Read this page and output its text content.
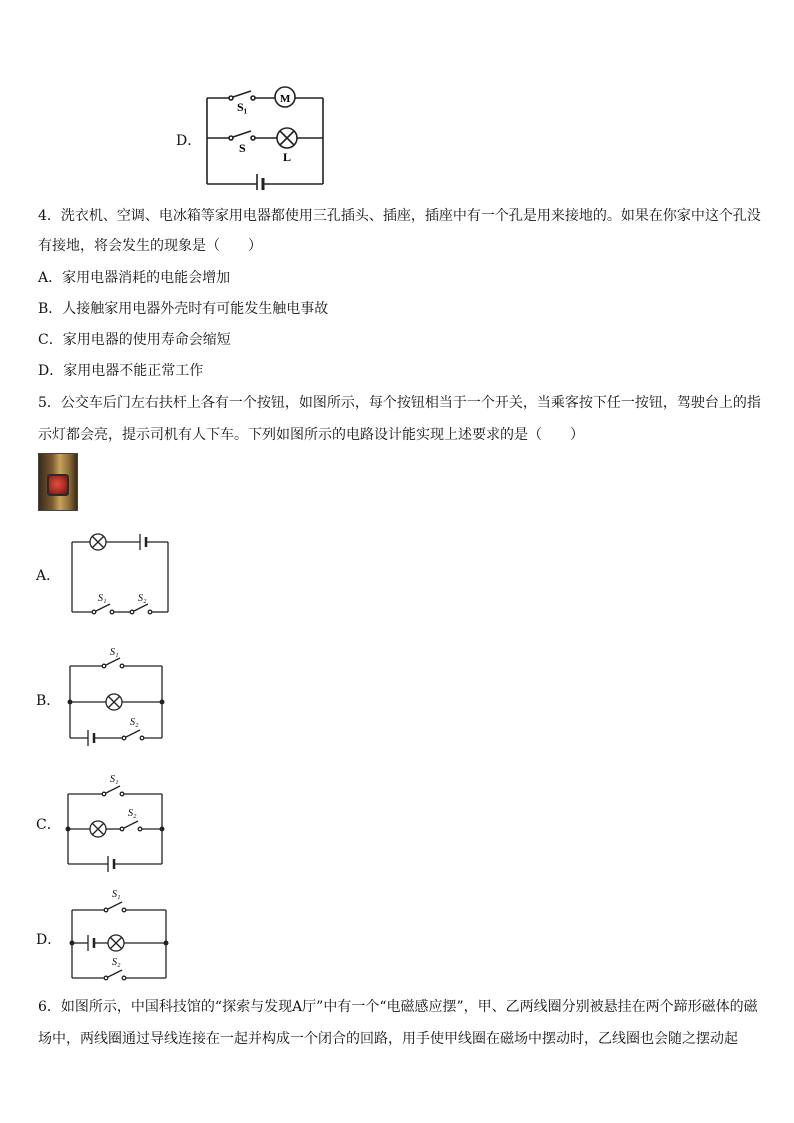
D．
M
S₁
S
L
4．洗衣机、空调、电冰箱等家用电器都使用三孔插头、插座，插座中有一个孔是用来接地的。如果在你家中这个孔没
有接地，将会发生的现象是（　　）
A．家用电器消耗的电能会增加
B．人接触家用电器外壳时有可能发生触电事故
C．家用电器的使用寿命会缩短
D．家用电器不能正常工作
5．公交车后门左右扶杆上各有一个按钮，如图所示，每个按钮相当于一个开关，当乘客按下任一按钮，驾驶台上的指
示灯都会亮，提示司机有人下车。下列如图所示的电路设计能实现上述要求的是（　　）
A．
S₁	S₂
B．
S₁
S₂
C．
S₁
S₂
D．
S₁
S₂
6．如图所示，中国科技馆的“探索与发现A厅”中有一个“电磁感应摆”，甲、乙两线圈分别被悬挂在两个蹄形磁体的磁
场中，两线圈通过导线连接在一起并构成一个闭合的回路，用手使甲线圈在磁场中摆动时，乙线圈也会随之摆动起
